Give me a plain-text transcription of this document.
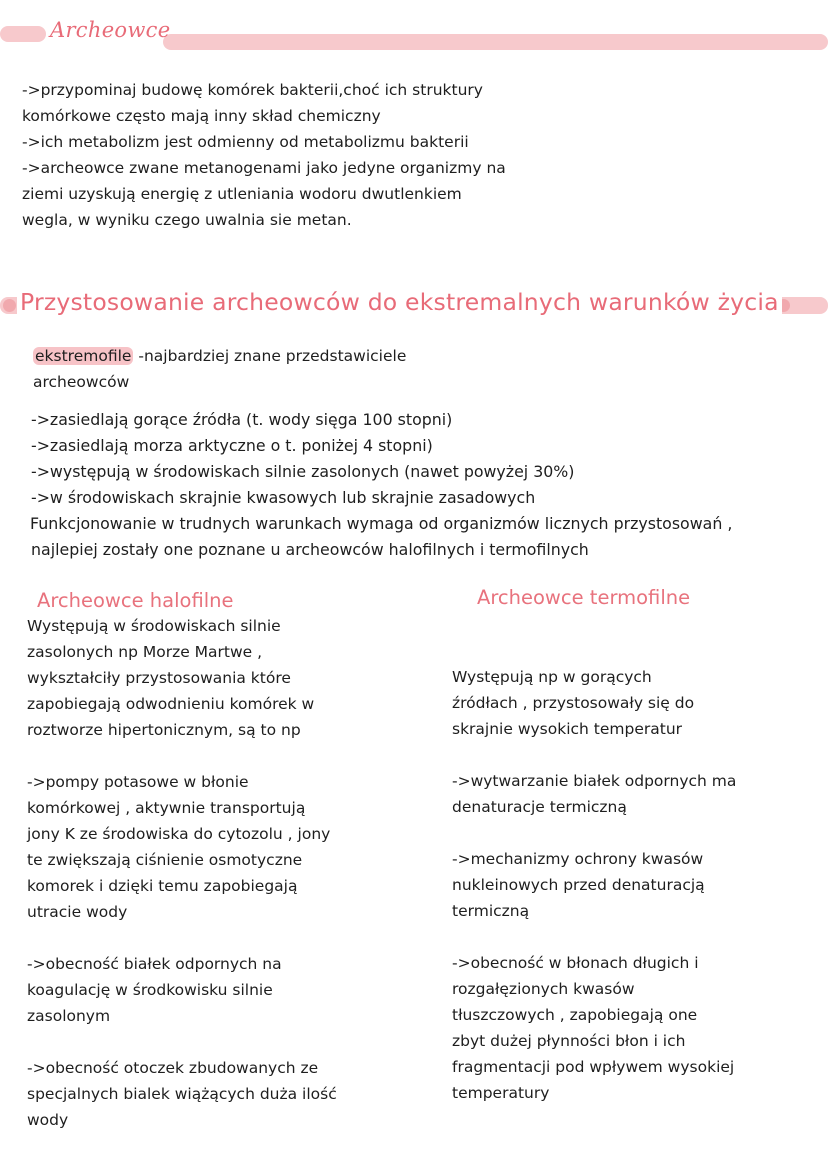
Archeowce
->przypominaj budowę komórek bakterii,choć ich struktury
komórkowe często mają inny skład chemiczny
->ich metabolizm jest odmienny od metabolizmu bakterii
->archeowce zwane metanogenami jako jedyne organizmy na
ziemi uzyskują energię z utleniania wodoru dwutlenkiem
wegla, w wyniku czego uwalnia sie metan.
Przystosowanie archeowców do ekstremalnych warunków życia
ekstremofile -najbardziej znane przedstawiciele
archeowców
->zasiedlają gorące źródła (t. wody sięga 100 stopni)
->zasiedlają morza arktyczne o t. poniżej 4 stopni)
->występują w środowiskach silnie zasolonych (nawet powyżej 30%)
->w środowiskach skrajnie kwasowych lub skrajnie zasadowych
Funkcjonowanie w trudnych warunkach wymaga od organizmów licznych przystosowań ,
najlepiej zostały one poznane u archeowców halofilnych i termofilnych
Archeowce halofilne
Występują w środowiskach silnie
zasolonych np Morze Martwe ,
wykształciły przystosowania które
zapobiegają odwodnieniu komórek w
roztworze hipertonicznym, są to np
->pompy potasowe w błonie
komórkowej , aktywnie transportują
jony K ze środowiska do cytozolu , jony
te zwiększają ciśnienie osmotyczne
komorek i dzięki temu zapobiegają
utracie wody
->obecność białek odpornych na
koagulację w środkowisku silnie
zasolonym
->obecność otoczek zbudowanych ze
specjalnych bialek wiążących duża ilość
wody
Archeowce termofilne
Występują np w gorących
źródłach , przystosowały się do
skrajnie wysokich temperatur
->wytwarzanie białek odpornych ma
denaturacje termiczną
->mechanizmy ochrony kwasów
nukleinowych przed denaturacją
termiczną
->obecność w błonach długich i
rozgałęzionych kwasów
tłuszczowych , zapobiegają one
zbyt dużej płynności błon i ich
fragmentacji pod wpływem wysokiej
temperatury
